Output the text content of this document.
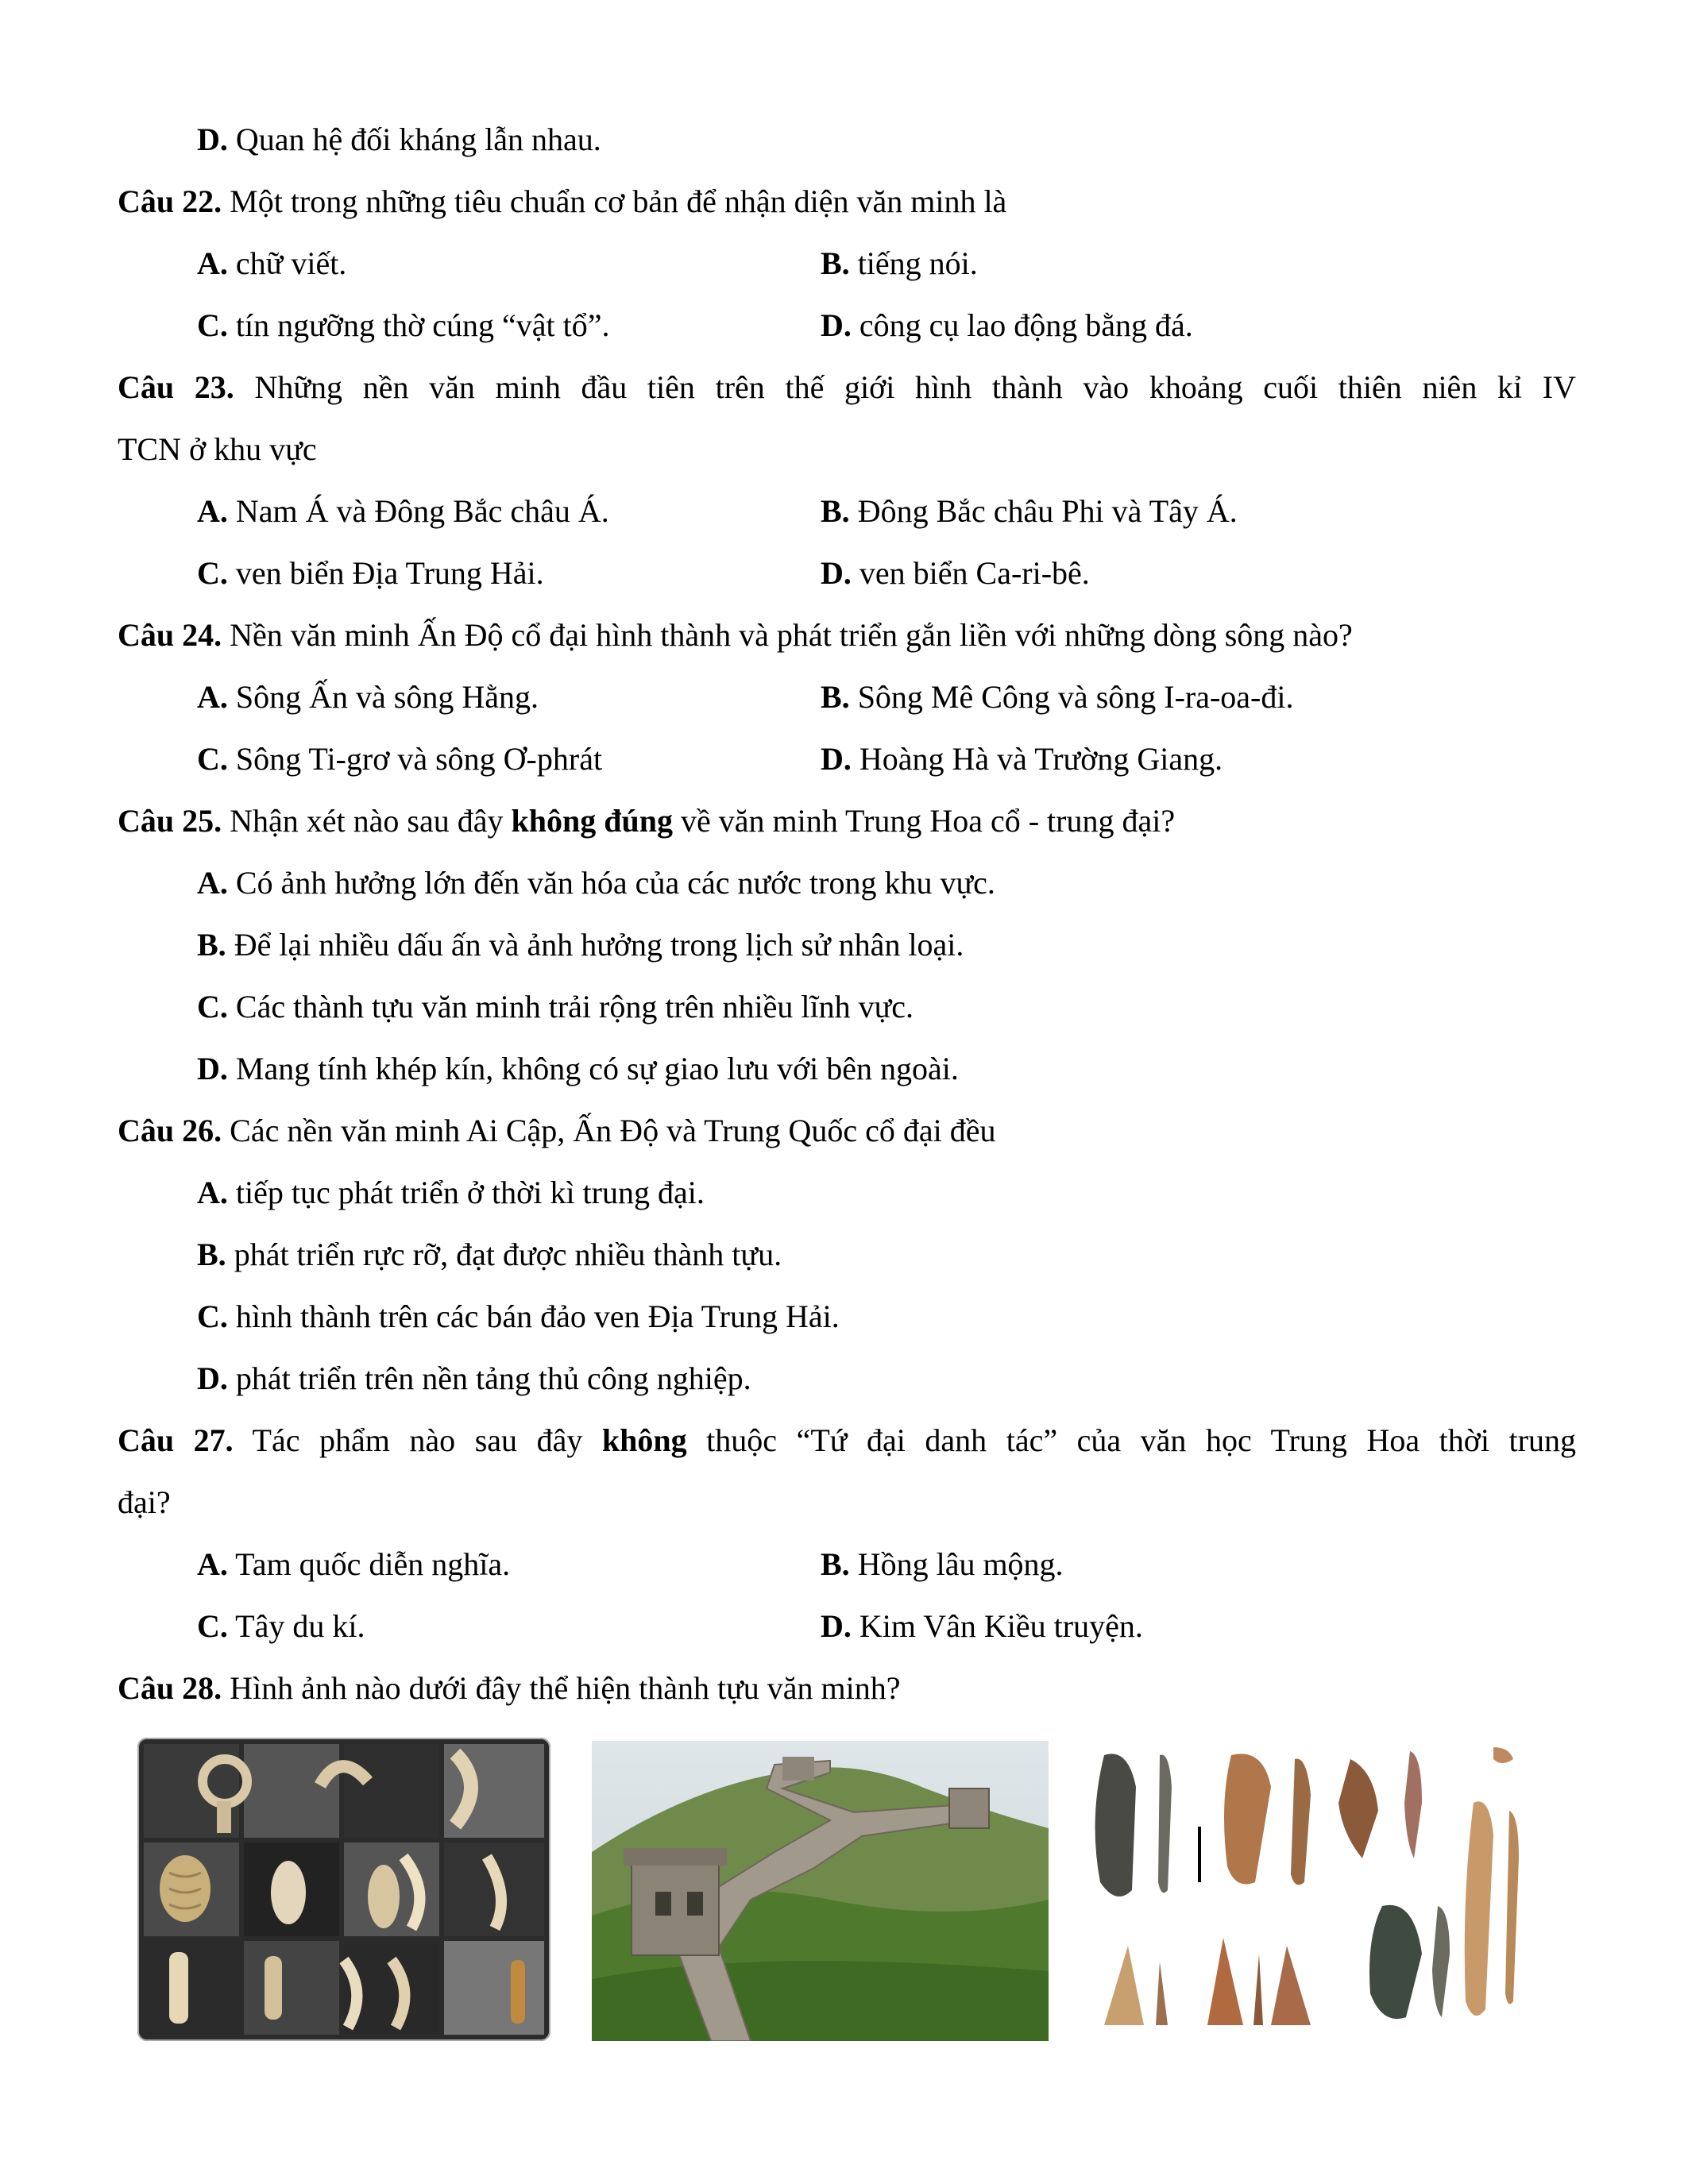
D. Quan hệ đối kháng lẫn nhau.
Câu 22. Một trong những tiêu chuẩn cơ bản để nhận diện văn minh là
A. chữ viết.	B. tiếng nói.
C. tín ngưỡng thờ cúng “vật tổ”.	D. công cụ lao động bằng đá.
Câu 23. Những nền văn minh đầu tiên trên thế giới hình thành vào khoảng cuối thiên niên kỉ IV
TCN ở khu vực
A. Nam Á và Đông Bắc châu Á.	B. Đông Bắc châu Phi và Tây Á.
C. ven biển Địa Trung Hải.	D. ven biển Ca-ri-bê.
Câu 24. Nền văn minh Ấn Độ cổ đại hình thành và phát triển gắn liền với những dòng sông nào?
A. Sông Ấn và sông Hằng.	B. Sông Mê Công và sông I-ra-oa-đi.
C. Sông Ti-grơ và sông Ơ-phrát	D. Hoàng Hà và Trường Giang.
Câu 25. Nhận xét nào sau đây không đúng về văn minh Trung Hoa cổ - trung đại?
A. Có ảnh hưởng lớn đến văn hóa của các nước trong khu vực.
B. Để lại nhiều dấu ấn và ảnh hưởng trong lịch sử nhân loại.
C. Các thành tựu văn minh trải rộng trên nhiều lĩnh vực.
D. Mang tính khép kín, không có sự giao lưu với bên ngoài.
Câu 26. Các nền văn minh Ai Cập, Ấn Độ và Trung Quốc cổ đại đều
A. tiếp tục phát triển ở thời kì trung đại.
B. phát triển rực rỡ, đạt được nhiều thành tựu.
C. hình thành trên các bán đảo ven Địa Trung Hải.
D. phát triển trên nền tảng thủ công nghiệp.
Câu 27. Tác phẩm nào sau đây không thuộc “Tứ đại danh tác” của văn học Trung Hoa thời trung
đại?
A. Tam quốc diễn nghĩa.	B. Hồng lâu mộng.
C. Tây du kí.	D. Kim Vân Kiều truyện.
Câu 28. Hình ảnh nào dưới đây thể hiện thành tựu văn minh?
